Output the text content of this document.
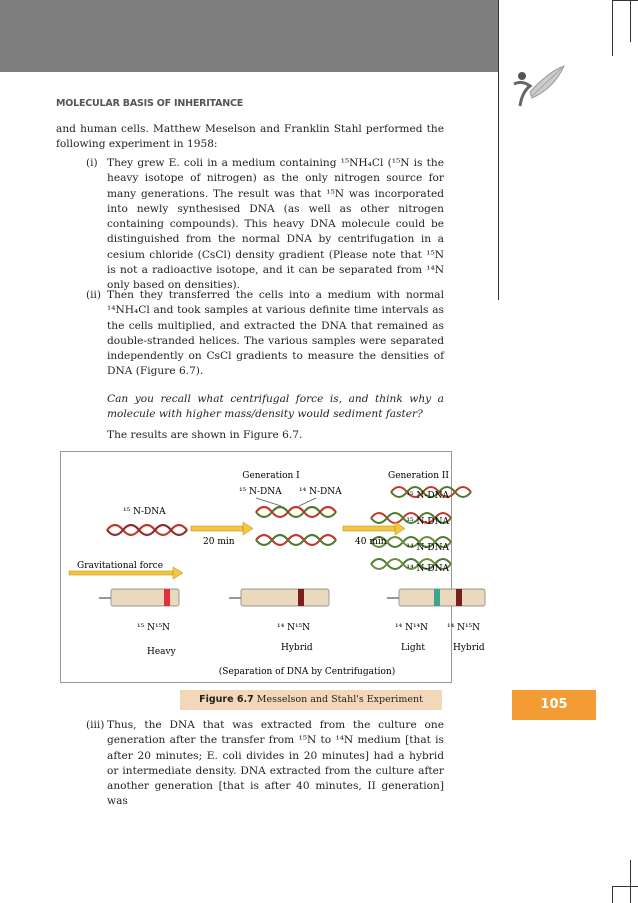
MOLECULAR BASIS OF INHERITANCE
and human cells. Matthew Meselson and Franklin Stahl performed the following experiment in 1958:
(i) They grew E. coli in a medium containing ¹⁵NH₄Cl (¹⁵N is the heavy isotope of nitrogen) as the only nitrogen source for many generations. The result was that ¹⁵N was incorporated into newly synthesised DNA (as well as other nitrogen containing compounds). This heavy DNA molecule could be distinguished from the normal DNA by centrifugation in a cesium chloride (CsCl) density gradient (Please note that ¹⁵N is not a radioactive isotope, and it can be separated from ¹⁴N only based on densities).
(ii) Then they transferred the cells into a medium with normal ¹⁴NH₄Cl and took samples at various definite time intervals as the cells multiplied, and extracted the DNA that remained as double-stranded helices. The various samples were separated independently on CsCl gradients to measure the densities of DNA (Figure 6.7).
Can you recall what centrifugal force is, and think why a molecule with higher mass/density would sediment faster?
The results are shown in Figure 6.7.
¹⁵ N-DNA
Generation I	Generation II
¹⁵ N-DNA ¹⁴ N-DNA	¹⁵ N-DNA
¹⁵ N-DNA
¹⁴ N-DNA
¹⁴ N-DNA
20 min	40 min
Gravitational force
¹⁵ N¹⁵N
Heavy
¹⁴ N¹⁵N
Hybrid
¹⁴ N¹⁴N ¹⁴ N¹⁵N
Light	Hybrid
(Separation of DNA by Centrifugation)
Figure 6.7 Messelson and Stahl's Experiment	105
(iii) Thus, the DNA that was extracted from the culture one generation after the transfer from ¹⁵N to ¹⁴N medium [that is after 20 minutes; E. coli divides in 20 minutes] had a hybrid or intermediate density. DNA extracted from the culture after another generation [that is after 40 minutes, II generation] was
